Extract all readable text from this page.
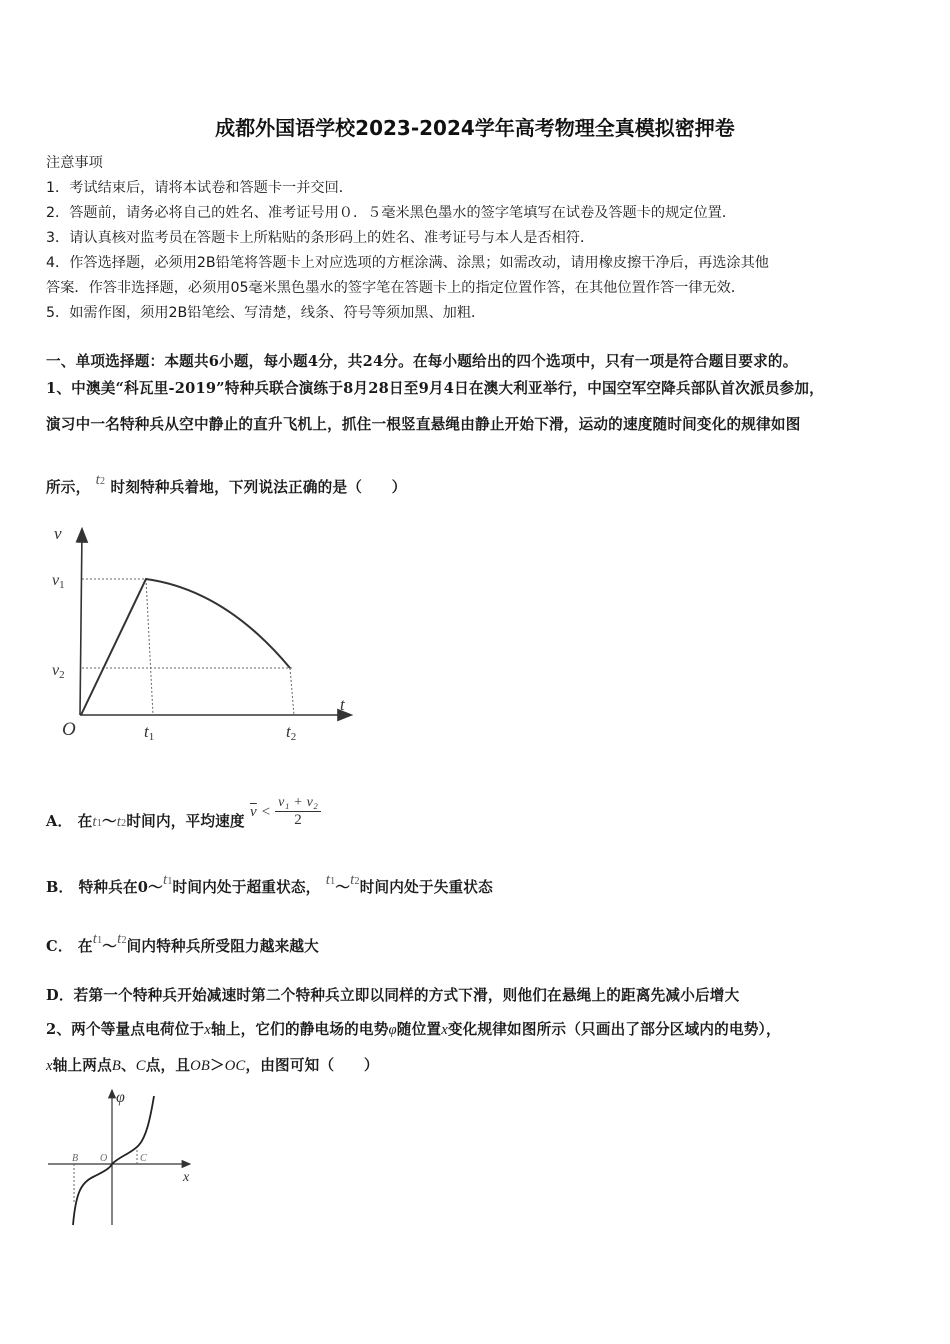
成都外国语学校2023-2024学年高考物理全真模拟密押卷
注意事项
1．考试结束后，请将本试卷和答题卡一并交回．
2．答题前，请务必将自己的姓名、准考证号用０．５毫米黑色墨水的签字笔填写在试卷及答题卡的规定位置．
3．请认真核对监考员在答题卡上所粘贴的条形码上的姓名、准考证号与本人是否相符．
4．作答选择题，必须用2B铅笔将答题卡上对应选项的方框涂满、涂黑；如需改动，请用橡皮擦干净后，再选涂其他
答案．作答非选择题，必须用05毫米黑色墨水的签字笔在答题卡上的指定位置作答，在其他位置作答一律无效．
5．如需作图，须用2B铅笔绘、写清楚，线条、符号等须加黑、加粗．
一、单项选择题：本题共6小题，每小题4分，共24分。在每小题给出的四个选项中，只有一项是符合题目要求的。
1、中澳美“科瓦里-2019”特种兵联合演练于8月28日至9月4日在澳大利亚举行，中国空军空降兵部队首次派员参加，
演习中一名特种兵从空中静止的直升飞机上，抓住一根竖直悬绳由静止开始下滑，运动的速度随时间变化的规律如图
所示， t2 时刻特种兵着地，下列说法正确的是（　　）
v
v1
v2
O	t1	t2
t
A． 在t1～t2时间内，平均速度 $\overline{v} < \frac{\text{v₁ + v₂}}{2}$
B． 特种兵在0～t1时间内处于超重状态， t1～t2时间内处于失重状态
C． 在t1～t2间内特种兵所受阻力越来越大
D．若第一个特种兵开始减速时第二个特种兵立即以同样的方式下滑，则他们在悬绳上的距离先减小后增大
2、两个等量点电荷位于x轴上，它们的静电场的电势φ随位置x变化规律如图所示（只画出了部分区域内的电势），
x轴上两点B、C点，且OB＞OC，由图可知（　　）
φ
x
B O	C
